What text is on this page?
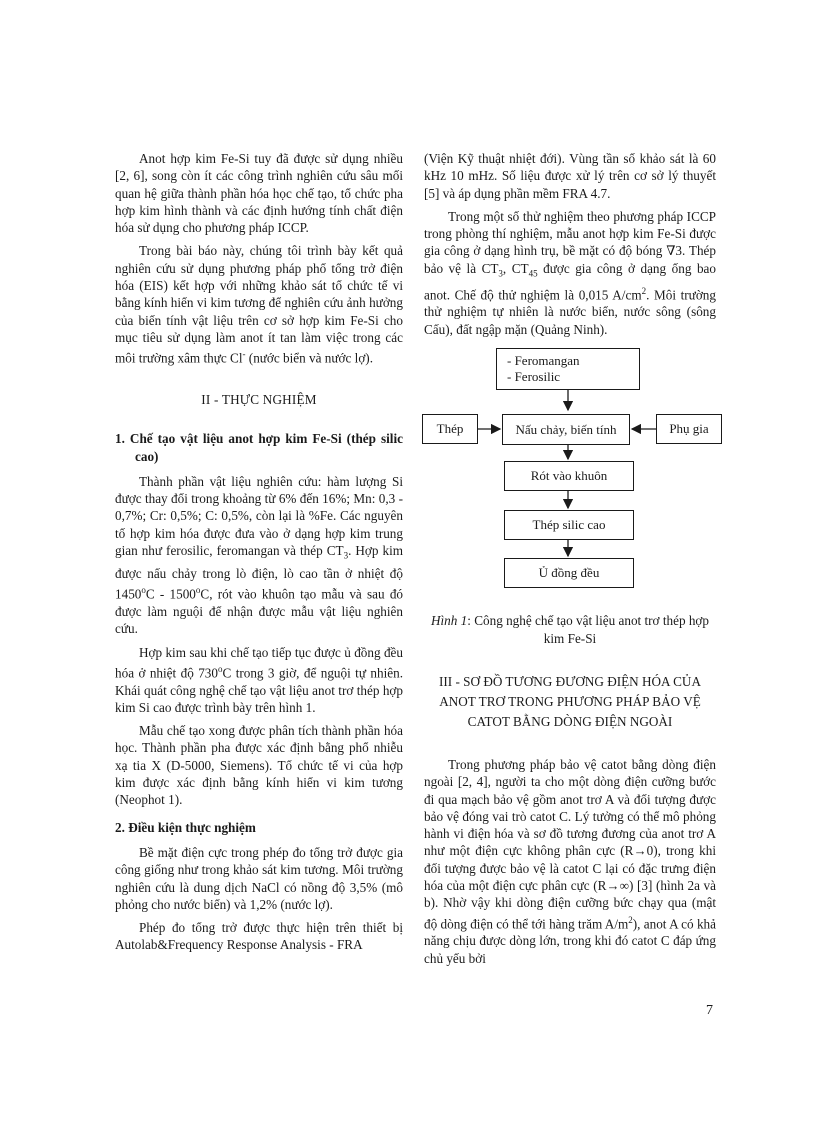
Anot hợp kim Fe-Si tuy đã được sử dụng nhiều [2, 6], song còn ít các công trình nghiên cứu sâu mối quan hệ giữa thành phần hóa học chế tạo, tổ chức pha hợp kim hình thành và các định hướng tính chất điện hóa sử dụng cho phương pháp ICCP.

Trong bài báo này, chúng tôi trình bày kết quả nghiên cứu sử dụng phương pháp phổ tổng trở điện hóa (EIS) kết hợp với những khảo sát tổ chức tế vi bằng kính hiển vi kim tương để nghiên cứu ảnh hưởng của biến tính vật liệu trên cơ sở hợp kim Fe-Si cho mục tiêu sử dụng làm anot ít tan làm việc trong các môi trường xâm thực Cl- (nước biển và nước lợ).

II - THỰC NGHIỆM

1. Chế tạo vật liệu anot hợp kim Fe-Si (thép silic cao)

Thành phần vật liệu nghiên cứu: hàm lượng Si được thay đổi trong khoảng từ 6% đến 16%; Mn: 0,3 - 0,7%; Cr: 0,5%; C: 0,5%, còn lại là %Fe. Các nguyên tố hợp kim hóa được đưa vào ở dạng hợp kim trung gian như ferosilic, feromangan và thép $CT_3$. Hợp kim được nấu chảy trong lò điện, lò cao tần ở nhiệt độ 1450$^o$C - 1500$^o$C, rót vào khuôn tạo mẫu và sau đó được làm nguội để nhận được mẫu vật liệu nghiên cứu.

Hợp kim sau khi chế tạo tiếp tục được ủ đồng đều hóa ở nhiệt độ 730$^o$C trong 3 giờ, để nguội tự nhiên. Khái quát công nghệ chế tạo vật liệu anot trơ thép hợp kim Si cao được trình bày trên hình 1.

Mẫu chế tạo xong được phân tích thành phần hóa học. Thành phần pha được xác định bằng phổ nhiễu xạ tia X (D-5000, Siemens). Tổ chức tế vi của hợp kim được xác định bằng kính hiển vi kim tương (Neophot 1).

2. Điều kiện thực nghiệm

Bề mặt điện cực trong phép đo tổng trở được gia công giống như trong khảo sát kim tương. Môi trường nghiên cứu là dung dịch NaCl có nồng độ 3,5% (mô phỏng cho nước biển) và 1,2% (nước lợ).

Phép đo tổng trở được thực hiện trên thiết bị Autolab&Frequency Response Analysis - FRA

(Viện Kỹ thuật nhiệt đới). Vùng tần số khảo sát là 60 kHz 10 mHz. Số liệu được xử lý trên cơ sở lý thuyết [5] và áp dụng phần mềm FRA 4.7.

Trong một số thử nghiệm theo phương pháp ICCP trong phòng thí nghiệm, mẫu anot hợp kim Fe-Si được gia công ở dạng hình trụ, bề mặt có độ bóng ∇3. Thép bảo vệ là $CT_3$, $CT_{45}$ được gia công ở dạng ống bao anot. Chế độ thử nghiệm là 0,015 $A/cm^2$. Môi trường thử nghiệm tự nhiên là nước biển, nước sông (sông Cấu), đất ngập mặn (Quảng Ninh).

- Feromangan
- Ferosilic
Thép	Nấu chảy, biến tính	Phụ gia
Rót vào khuôn
Thép silic cao
Ủ đồng đều

Hình 1: Công nghệ chế tạo vật liệu anot trơ thép hợp kim Fe-Si

III - SƠ ĐỒ TƯƠNG ĐƯƠNG ĐIỆN HÓA CỦA ANOT TRƠ TRONG PHƯƠNG PHÁP BẢO VỆ CATOT BẰNG DÒNG ĐIỆN NGOÀI

Trong phương pháp bảo vệ catot bằng dòng điện ngoài [2, 4], người ta cho một dòng điện cưỡng bước đi qua mạch bảo vệ gồm anot trơ A và đối tượng được bảo vệ đóng vai trò catot C. Lý tưởng có thể mô phỏng hành vi điện hóa và sơ đồ tương đương của anot trơ A như một điện cực không phân cực (R→0), trong khi đối tượng được bảo vệ là catot C lại có đặc trưng điện hóa của một điện cực phân cực (R→∞) [3] (hình 2a và b). Nhờ vậy khi dòng điện cưỡng bức chạy qua (mật độ dòng điện có thể tới hàng trăm $A/m^2$), anot A có khả năng chịu được dòng lớn, trong khi đó catot C đáp ứng chủ yếu bởi

7
